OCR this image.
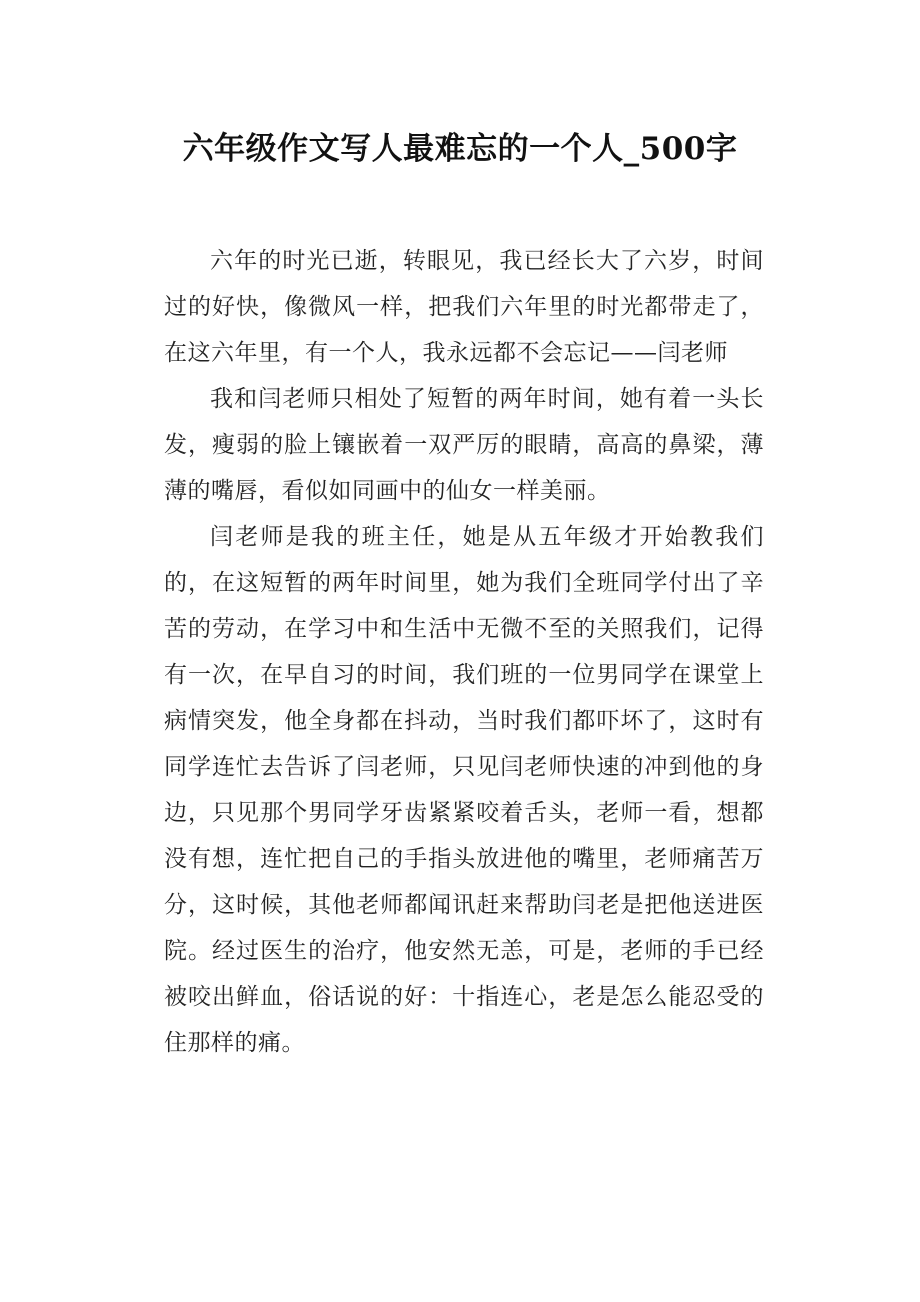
六年级作文写人最难忘的一个人_500字

六年的时光已逝，转眼见，我已经长大了六岁，时间过的好快，像微风一样，把我们六年里的时光都带走了，在这六年里，有一个人，我永远都不会忘记——闫老师

我和闫老师只相处了短暂的两年时间，她有着一头长发，瘦弱的脸上镶嵌着一双严厉的眼睛，高高的鼻梁，薄薄的嘴唇，看似如同画中的仙女一样美丽。

闫老师是我的班主任，她是从五年级才开始教我们的，在这短暂的两年时间里，她为我们全班同学付出了辛苦的劳动，在学习中和生活中无微不至的关照我们，记得有一次，在早自习的时间，我们班的一位男同学在课堂上病情突发，他全身都在抖动，当时我们都吓坏了，这时有同学连忙去告诉了闫老师，只见闫老师快速的冲到他的身边，只见那个男同学牙齿紧紧咬着舌头，老师一看，想都没有想，连忙把自己的手指头放进他的嘴里，老师痛苦万分，这时候，其他老师都闻讯赶来帮助闫老是把他送进医院。经过医生的治疗，他安然无恙，可是，老师的手已经被咬出鲜血，俗话说的好：十指连心，老是怎么能忍受的住那样的痛。
